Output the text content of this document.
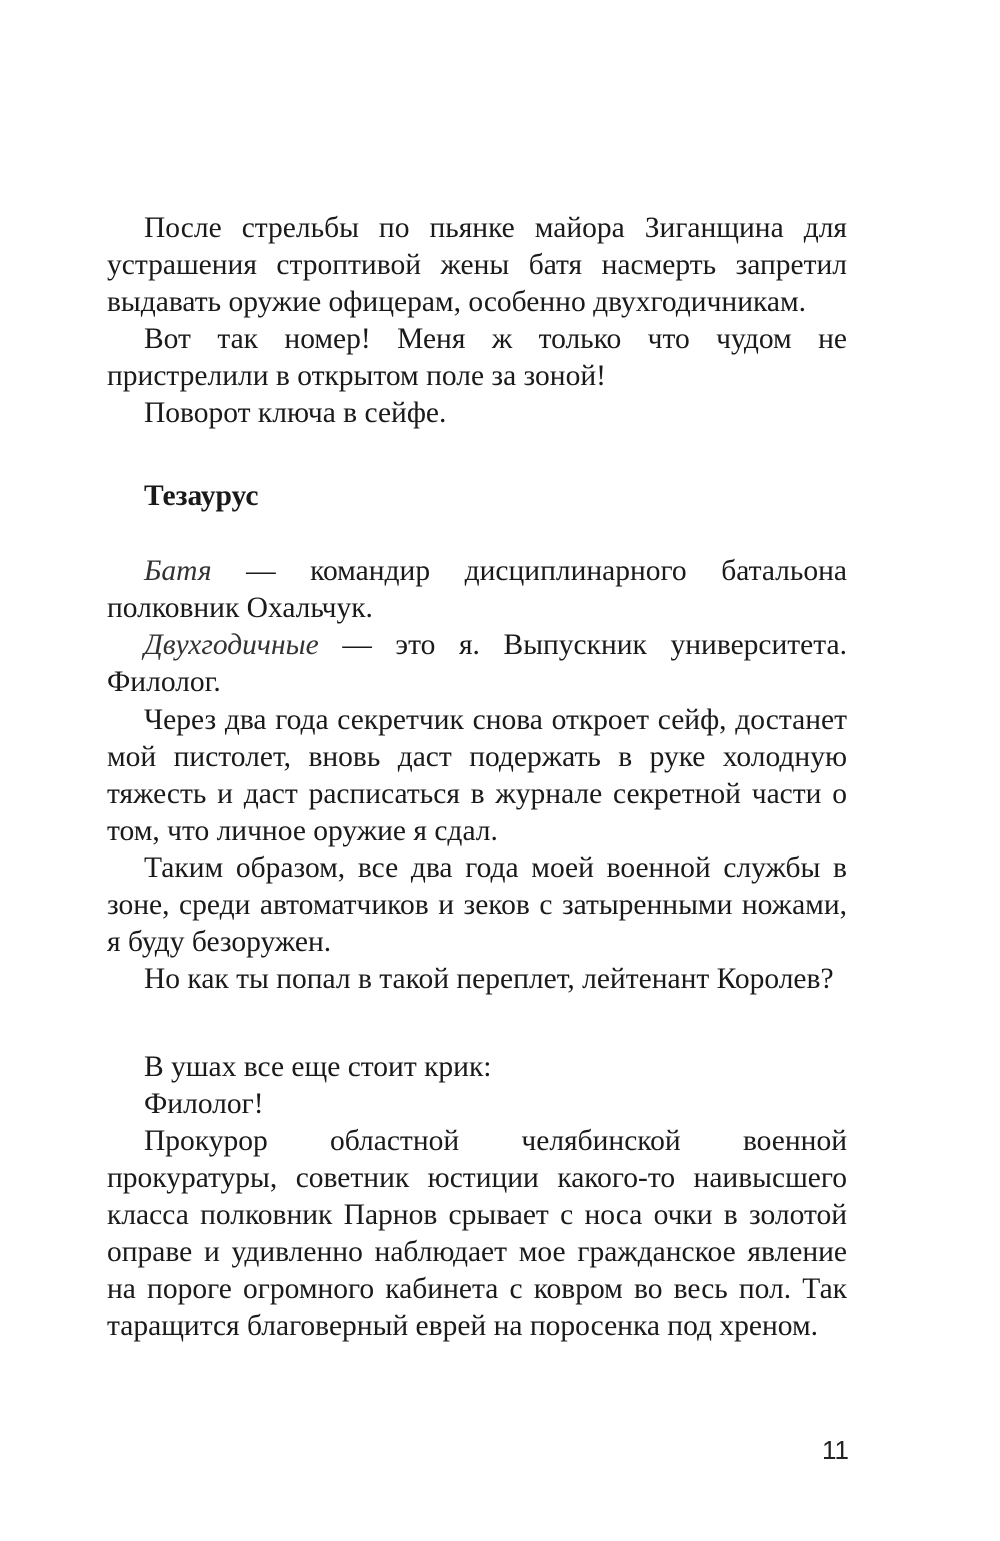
После стрельбы по пьянке майора Зиганщина для устрашения строптивой жены батя насмерть запретил выдавать оружие офицерам, особенно двухгодичникам.

Вот так номер! Меня ж только что чудом не пристрелили в открытом поле за зоной!

Поворот ключа в сейфе.

Тезаурус

Батя — командир дисциплинарного батальона полковник Охальчук.

Двухгодичные — это я. Выпускник университета. Филолог.

Через два года секретчик снова откроет сейф, достанет мой пистолет, вновь даст подержать в руке холодную тяжесть и даст расписаться в журнале секретной части о том, что личное оружие я сдал.

Таким образом, все два года моей военной службы в зоне, среди автоматчиков и зеков с затыренными ножами, я буду безоружен.

Но как ты попал в такой переплет, лейтенант Королев?

В ушах все еще стоит крик:

Филолог!

Прокурор областной челябинской военной прокуратуры, советник юстиции какого-то наивысшего класса полковник Парнов срывает с носа очки в золотой оправе и удивленно наблюдает мое гражданское явление на пороге огромного кабинета с ковром во весь пол. Так таращится благоверный еврей на поросенка под хреном.

11
